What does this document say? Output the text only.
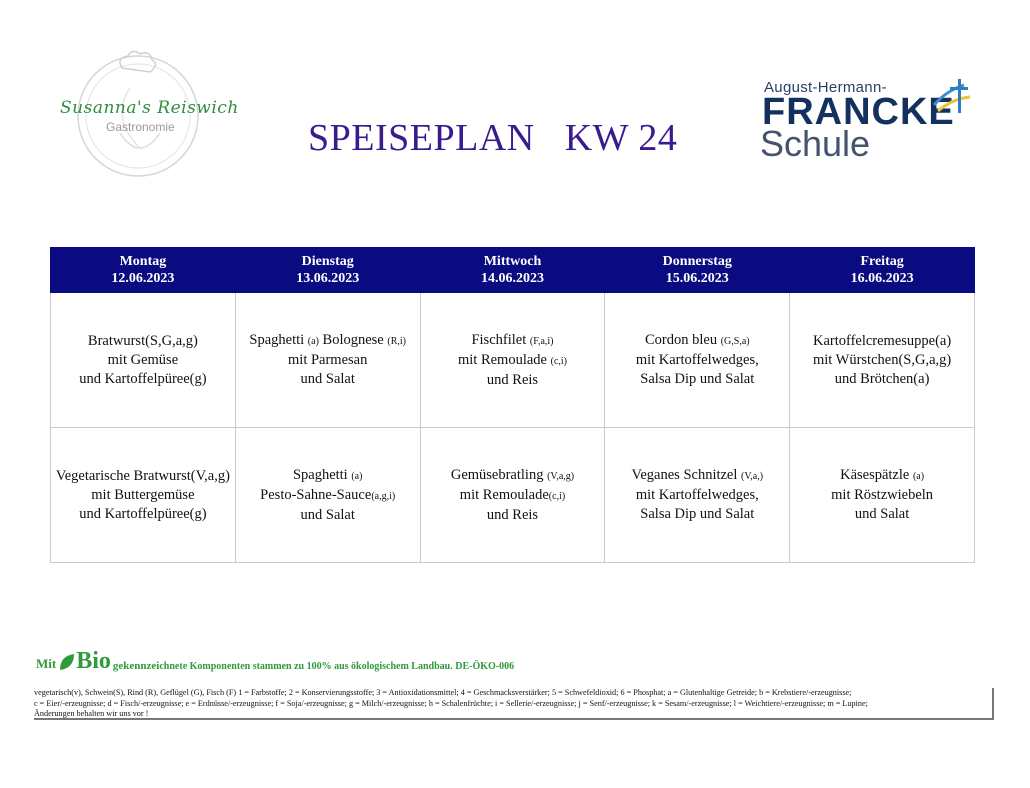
Susanna's Reiswich
Gastronomie	SPEISEPLAN   KW 24
August-Hermann-
FRANCKE
Schule
Montag
12.06.2023	Dienstag
13.06.2023	Mittwoch
14.06.2023	Donnerstag
15.06.2023	Freitag
16.06.2023
Bratwurst(S,G,a,g)
mit Gemüse
und Kartoffelpüree(g)	Spaghetti (a) Bolognese (R,i)
mit Parmesan
und Salat	Fischfilet (F,a,i)
mit Remoulade (c,i)
und Reis	Cordon bleu (G,S,a)
mit Kartoffelwedges,
Salsa Dip und Salat	Kartoffelcremesuppe(a)
mit Würstchen(S,G,a,g)
und Brötchen(a)
Vegetarische Bratwurst(V,a,g)
mit Buttergemüse
und Kartoffelpüree(g)	Spaghetti (a)
Pesto-Sahne-Sauce(a,g,i)
und Salat	Gemüsebratling (V,a,g)
mit Remoulade(c,i)
und Reis	Veganes Schnitzel (V,a,)
mit Kartoffelwedges,
Salsa Dip und Salat	Käsespätzle (a)
mit Röstzwiebeln
und Salat
Mit Bio gekennzeichnete Komponenten stammen zu 100% aus ökologischem Landbau. DE-ÖKO-006
vegetarisch(v), Schwein(S), Rind (R), Geflügel (G), Fisch (F) 1 = Farbstoffe; 2 = Konservierungsstoffe; 3 = Antioxidationsmittel; 4 = Geschmacksverstärker; 5 = Schwefeldioxid; 6 = Phosphat; a = Glutenhaltige Getreide; b = Krebstiere/-erzeugnisse;
c = Eier/-erzeugnisse; d = Fisch/-erzeugnisse; e = Erdnüsse/-erzeugnisse; f = Soja/-erzeugnisse; g = Milch/-erzeugnisse; h = Schalenfrüchte; i = Sellerie/-erzeugnisse; j = Senf/-erzeugnisse; k = Sesam/-erzeugnisse; l = Weichtiere/-erzeugnisse; m = Lupine;
Änderungen behalten wir uns vor !
